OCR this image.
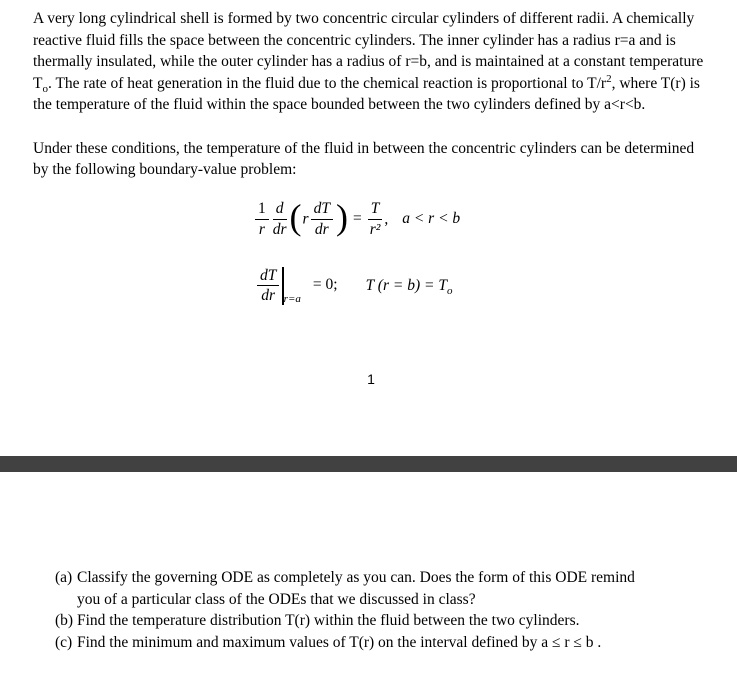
A very long cylindrical shell is formed by two concentric circular cylinders of different radii. A chemically reactive fluid fills the space between the concentric cylinders. The inner cylinder has a radius r=a and is thermally insulated, while the outer cylinder has a radius of r=b, and is maintained at a constant temperature $T_o$. The rate of heat generation in the fluid due to the chemical reaction is proportional to $T/r^2$, where T(r) is the temperature of the fluid within the space bounded between the two cylinders defined by a<r<b.

Under these conditions, the temperature of the fluid in between the concentric cylinders can be determined by the following boundary-value problem:

$\frac{1}{r} \frac{d}{dr} (r \frac{dT}{dr}$ ) = $\frac{T}{\text{r²}}$ , a < r < b
$\frac{dT}{dr} r=a= 0$; T $(r = b) = T_o$
1
(a) Classify the governing ODE as completely as you can. Does the form of this ODE remind you of a particular class of the ODEs that we discussed in class?
(b) Find the temperature distribution T(r) within the fluid between the two cylinders.
(c) Find the minimum and maximum values of T(r) on the interval defined by a ≤ r ≤ b .
